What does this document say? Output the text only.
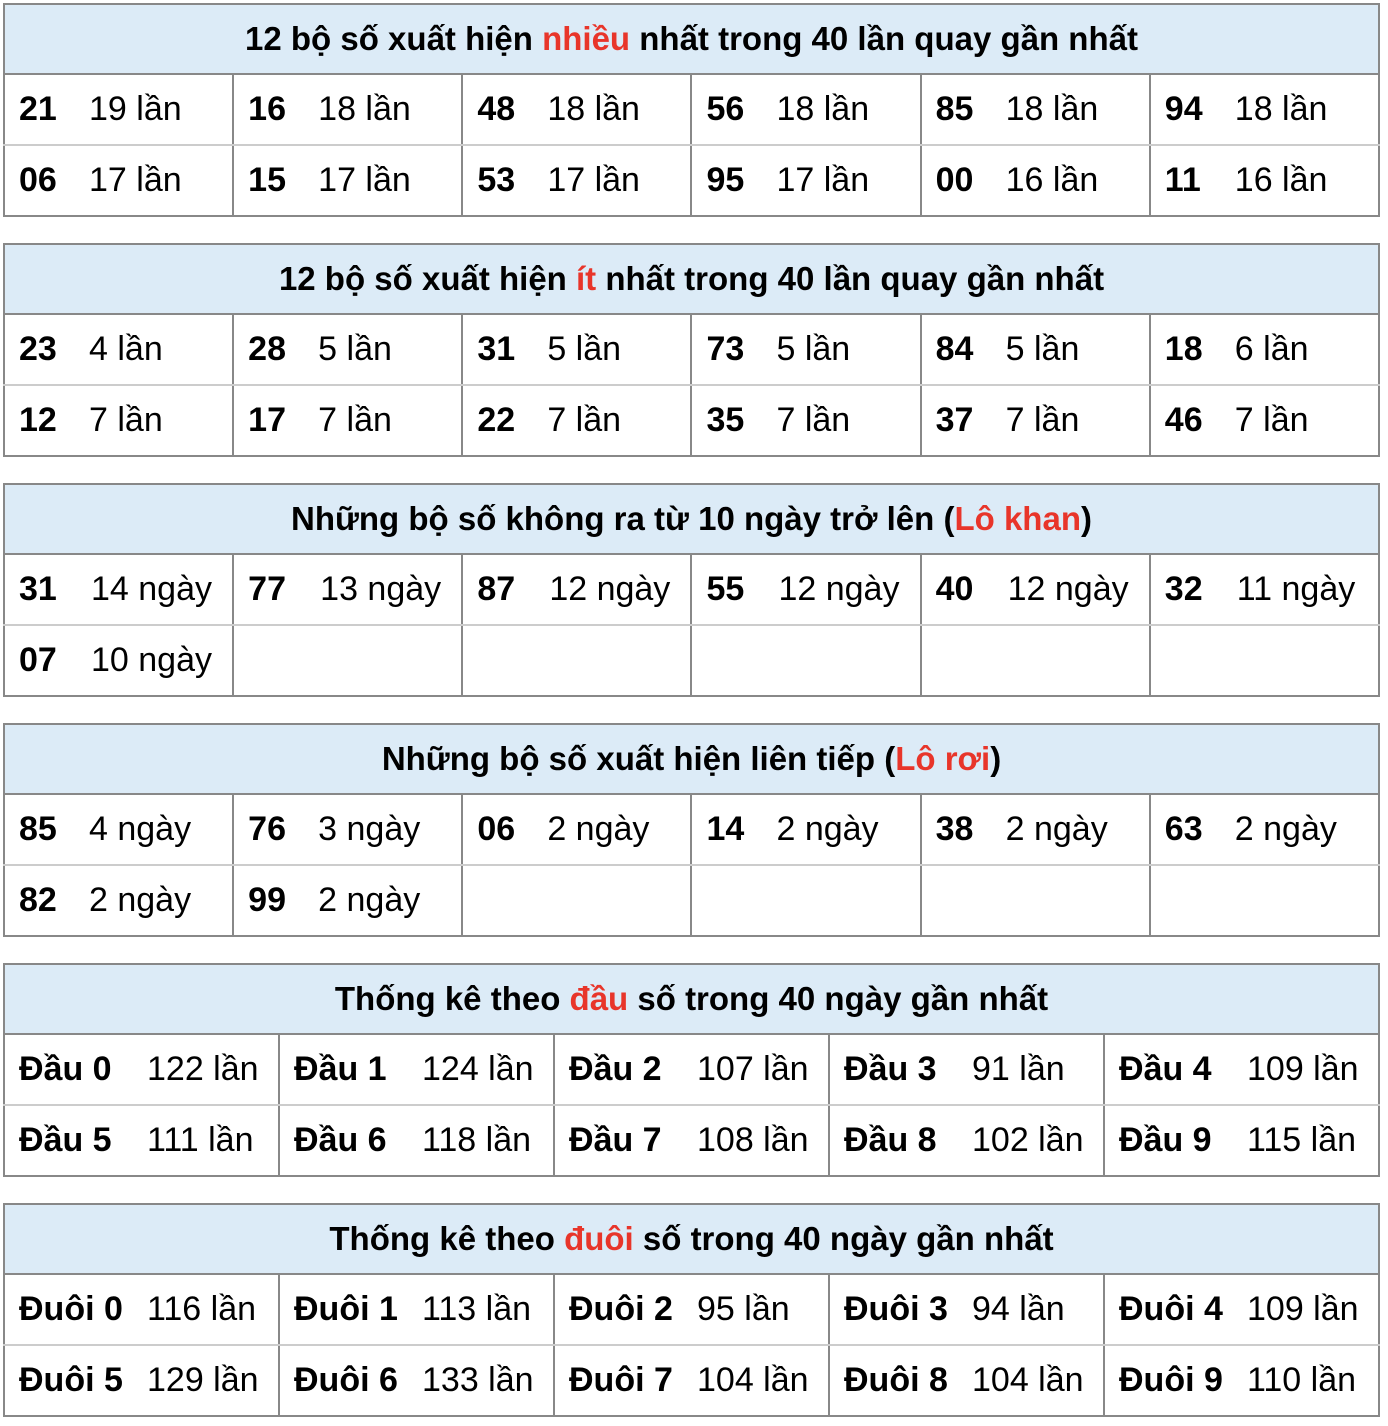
12 bộ số xuất hiện nhiều nhất trong 40 lần quay gần nhất					
21 19 lần	16 18 lần	48 18 lần	56 18 lần	85 18 lần	94 18 lần
06 17 lần	15 17 lần	53 17 lần	95 17 lần	00 16 lần	11 16 lần
12 bộ số xuất hiện ít nhất trong 40 lần quay gần nhất					
23 4 lần	28 5 lần	31 5 lần	73 5 lần	84 5 lần	18 6 lần
12 7 lần	17 7 lần	22 7 lần	35 7 lần	37 7 lần	46 7 lần
Những bộ số không ra từ 10 ngày trở lên (Lô khan)					
31 14 ngày	77 13 ngày	87 12 ngày	55 12 ngày	40 12 ngày	32 11 ngày
07 10 ngày					
Những bộ số xuất hiện liên tiếp (Lô rơi)					
85 4 ngày	76 3 ngày	06 2 ngày	14 2 ngày	38 2 ngày	63 2 ngày
82 2 ngày	99 2 ngày				
Thống kê theo đầu số trong 40 ngày gần nhất				
Đầu 0 122 lần	Đầu 1 124 lần	Đầu 2 107 lần	Đầu 3 91 lần	Đầu 4 109 lần
Đầu 5 111 lần	Đầu 6 118 lần	Đầu 7 108 lần	Đầu 8 102 lần	Đầu 9 115 lần
Thống kê theo đuôi số trong 40 ngày gần nhất				
Đuôi 0 116 lần	Đuôi 1 113 lần	Đuôi 2 95 lần	Đuôi 3 94 lần	Đuôi 4 109 lần
Đuôi 5 129 lần	Đuôi 6 133 lần	Đuôi 7 104 lần	Đuôi 8 104 lần	Đuôi 9 110 lần
